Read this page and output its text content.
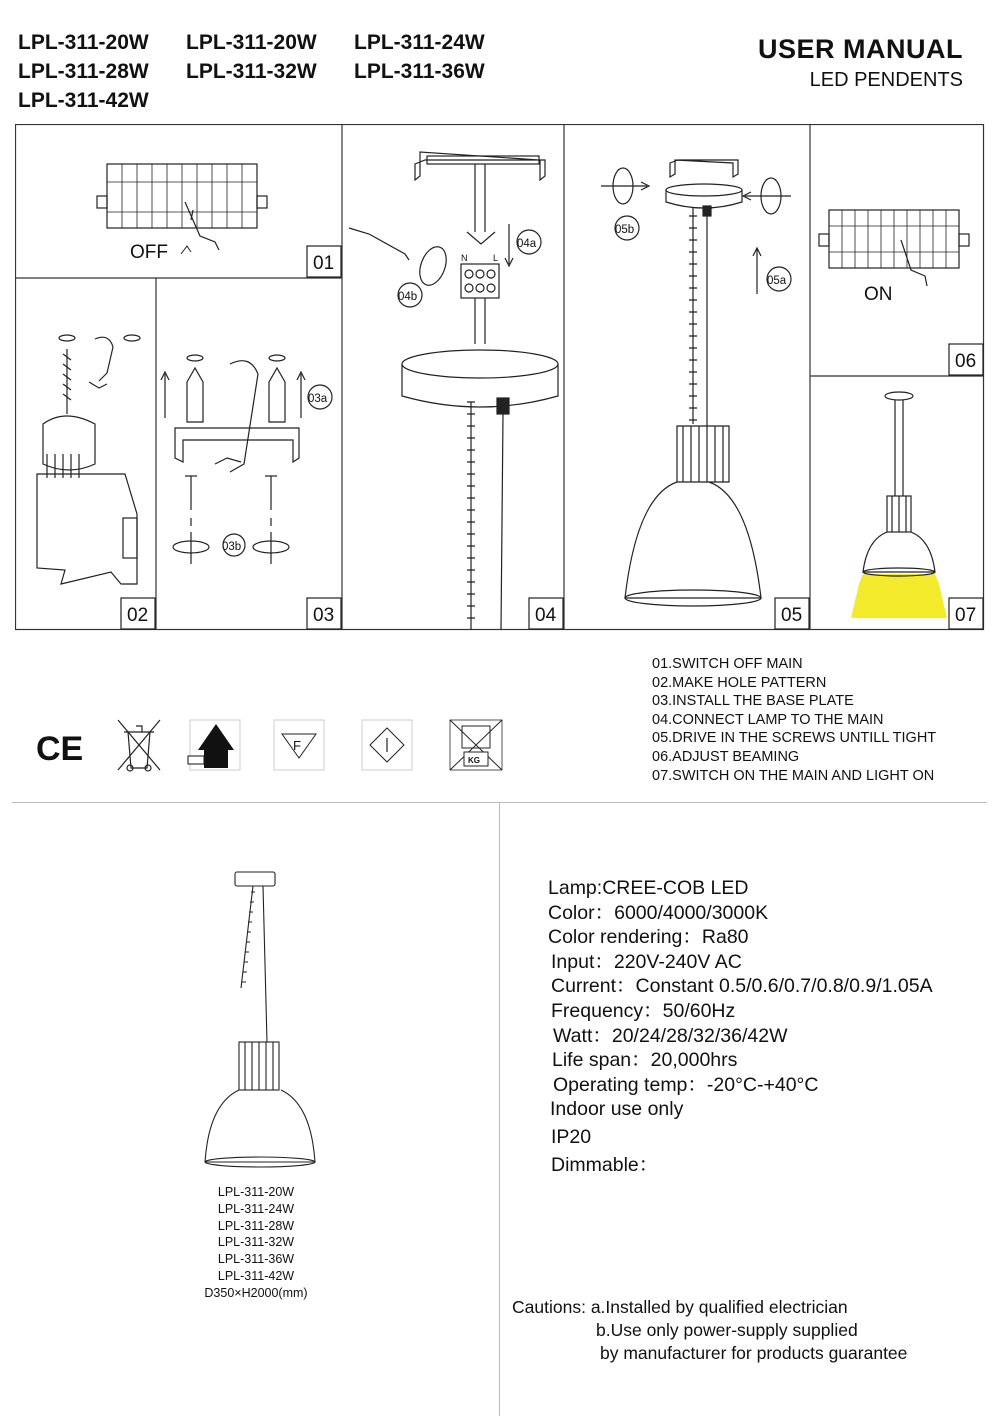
LPL-311-20W LPL-311-20W LPL-311-24W
LPL-311-28W LPL-311-32W LPL-311-36W
LPL-311-42W
USER MANUAL
LED PENDENTS
OFF
03b
03a
N	L
04a
04b
05b
05a
ON
01
02	03	04	05
06
07
01.SWITCH OFF MAIN
02.MAKE HOLE PATTERN
03.INSTALL THE BASE PLATE
04.CONNECT LAMP TO THE MAIN
05.DRIVE IN THE SCREWS UNTILL TIGHT
06.ADJUST BEAMING
07.SWITCH ON THE MAIN AND LIGHT ON
CE	F
KG
LPL-311-20W
LPL-311-24W
LPL-311-28W
LPL-311-32W
LPL-311-36W
LPL-311-42W
D350×H2000(mm)
Lamp:CREE-COB LED
Color：6000/4000/3000K
Color rendering：Ra80
Input：220V-240V AC
Current：Constant 0.5/0.6/0.7/0.8/0.9/1.05A
Frequency：50/60Hz
Watt：20/24/28/32/36/42W
Life span：20,000hrs
Operating temp：-20°C-+40°C
Indoor use only
IP20
Dimmable：
Cautions: a.Installed by qualified electrician
b.Use only power-supply supplied
by manufacturer for products guarantee
